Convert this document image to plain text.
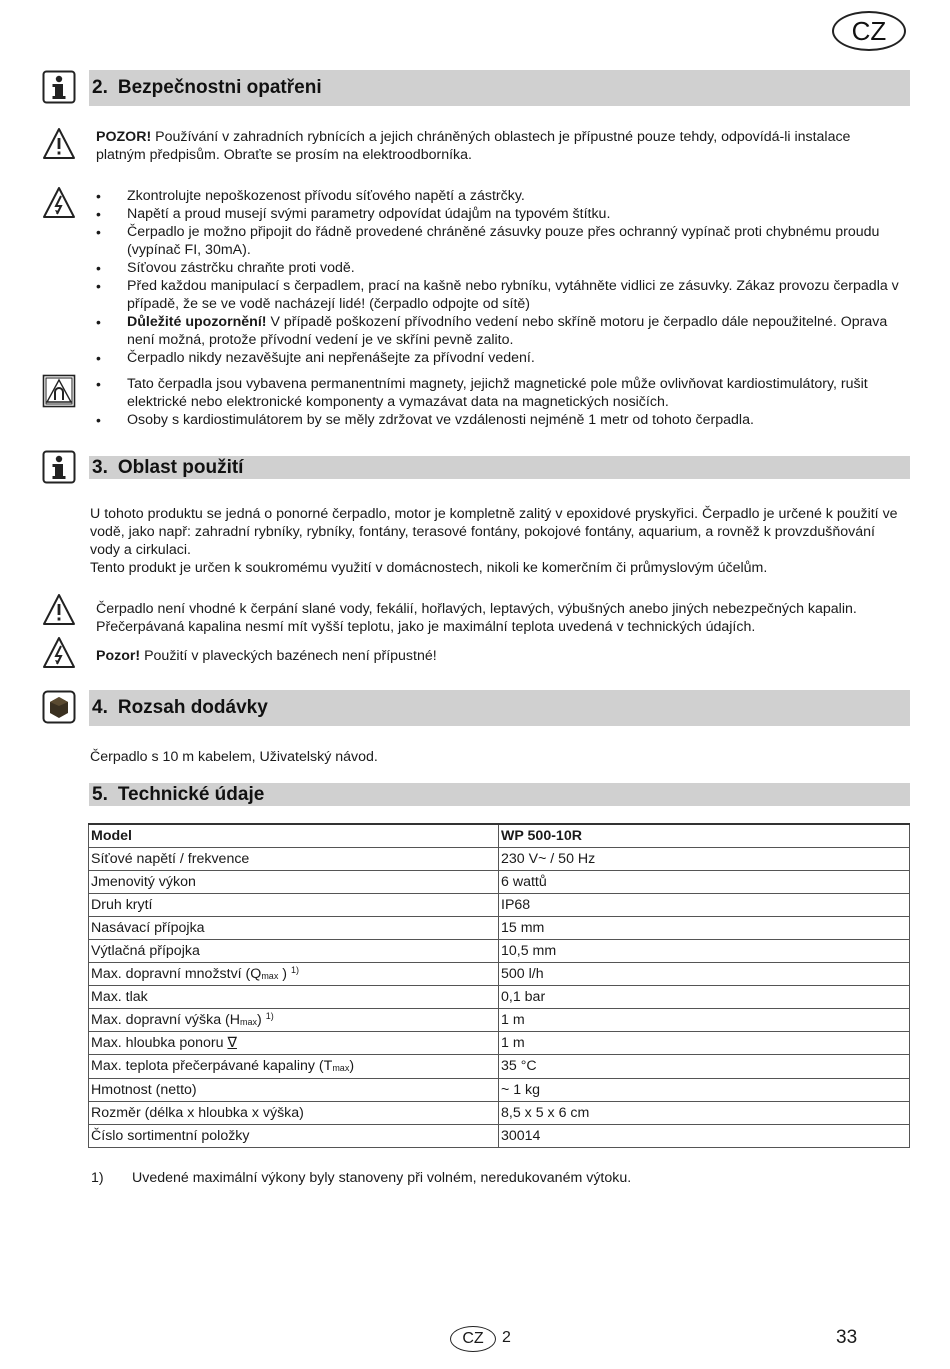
CZ
2. Bezpečnostni opatřeni
POZOR! Používání v zahradních rybnících a jejich chráněných oblastech je přípustné pouze tehdy, odpovídá-li instalace platným předpisům. Obraťte se prosím na elektroodborníka.
• Zkontrolujte nepoškozenost přívodu síťového napětí a zástrčky.
• Napětí a proud musejí svými parametry odpovídat údajům na typovém štítku.
• Čerpadlo je možno připojit do řádně provedené chráněné zásuvky pouze přes ochranný vypínač proti chybnému proudu (vypínač FI, 30mA).
• Síťovou zástrčku chraňte proti vodě.
• Před každou manipulací s čerpadlem, prací na kašně nebo rybníku, vytáhněte vidlici ze zásuvky. Zákaz provozu čerpadla v případě, že se ve vodě nacházejí lidé! (čerpadlo odpojte od sítě)
• Důležité upozornění! V případě poškození přívodního vedení nebo skříně motoru je čerpadlo dále nepoužitelné. Oprava není možná, protože přívodní vedení je ve skříni pevně zalito.
• Čerpadlo nikdy nezavěšujte ani nepřenášejte za přívodní vedení.
• Tato čerpadla jsou vybavena permanentními magnety, jejichž magnetické pole může ovlivňovat kardiostimulátory, rušit elektrické nebo elektronické komponenty a vymazávat data na magnetických nosičích.
• Osoby s kardiostimulátorem by se měly zdržovat ve vzdálenosti nejméně 1 metr od tohoto čerpadla.
3. Oblast použití
U tohoto produktu se jedná o ponorné čerpadlo, motor je kompletně zalitý v epoxidové pryskyřici. Čerpadlo je určené k použití ve vodě, jako např: zahradní rybníky, rybníky, fontány, terasové fontány, pokojové fontány, aquarium, a rovněž k provzdušňování vody a cirkulaci.
Tento produkt je určen k soukromému využití v domácnostech, nikoli ke komerčním či průmyslovým účelům.
Čerpadlo není vhodné k čerpání slané vody, fekálií, hořlavých, leptavých, výbušných anebo jiných nebezpečných kapalin. Přečerpávaná kapalina nesmí mít vyšší teplotu, jako je maximální teplota uvedená v technických údajích.
Pozor! Použití v plaveckých bazénech není přípustné!
4. Rozsah dodávky
Čerpadlo s 10 m kabelem, Uživatelský návod.
5. Technické údaje
Model	WP 500-10R
Síťové napětí / frekvence	230 V~ / 50 Hz
Jmenovitý výkon	6 wattů
Druh krytí	IP68
Nasávací přípojka	15 mm
Výtlačná přípojka	10,5 mm
Max. dopravní množství ($Q_{max}$ ) $^{1)}$	500 l/h
Max. tlak	0,1 bar
Max. dopravní výška $(H_{max})$ $^{1)}$	1 m
Max. hloubka ponoru ∇	1 m
Max. teplota přečerpávané kapaliny $(T_{max})$	35 °C
Hmotnost (netto)	~ 1 kg
Rozměr (délka x hloubka x výška)	8,5 x 5 x 6 cm
Číslo sortimentní položky	30014
1) Uvedené maximální výkony byly stanoveny při volném, neredukovaném výtoku.
CZ	2	33
